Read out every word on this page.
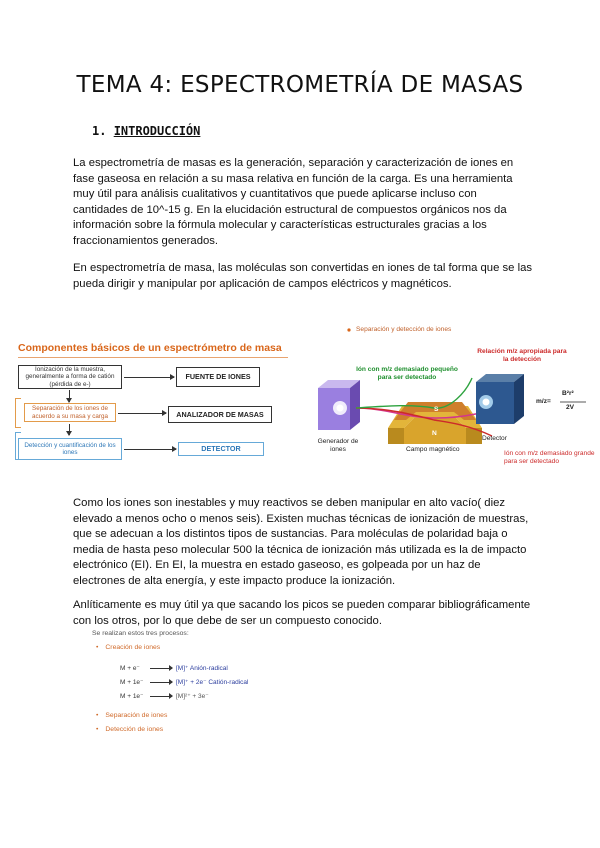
TEMA 4: ESPECTROMETRÍA DE MASAS
1. INTRODUCCIÓN
La espectrometría de masas es la generación, separación y caracterización de iones en fase gaseosa en relación a su masa relativa en función de la carga. Es una herramienta muy útil para análisis cualitativos y cuantitativos que puede aplicarse incluso con cantidades de 10^-15 g. En la elucidación estructural de compuestos orgánicos nos da información sobre la fórmula molecular y características estructurales gracias a los fraccionamientos generados.
En espectrometría de masa, las moléculas son convertidas en iones de tal forma que se las pueda dirigir y manipular por aplicación de campos eléctricos y magnéticos.
Componentes básicos de un espectrómetro de masa
Ionización de la muestra, generalmente a forma de catión (pérdida de e-)
FUENTE DE IONES
Separación de los iones de acuerdo a su masa y carga	ANALIZADOR DE MASAS
Detección y cuantificación de los iones	DETECTOR
Separación y detección de iones
Ión con m/z demasiado pequeño para ser detectado
Relación m/z apropiada para la detección
Generador de iones
Detector
Campo magnético
Ión con m/z demasiado grande para ser detectado
S
N
m/z=
B²r²
2V
Como los iones son inestables y muy reactivos se deben manipular en alto vacío( diez elevado a menos ocho o menos seis). Existen muchas técnicas de ionización de muestras, que se adecuan a los distintos tipos de sustancias. Para moléculas de polaridad baja o media de hasta peso molecular 500 la técnica de ionización más utilizada es la de impacto electrónico (EI). En EI, la muestra en estado gaseoso, es golpeada por un haz de electrones de alta energía, y este impacto produce la ionización.
Anlíticamente es muy útil ya que sacando los picos se pueden comparar bibliográficamente con los otros, por lo que debe de ser un compuesto conocido.
Se realizan estos tres procesos:
• Creación de iones
M + e⁻	[M]⁺ Anión-radical
M + 1e⁻	[M]⁺ + 2e⁻ Catión-radical
M + 1e⁻	[M]²⁺ + 3e⁻
• Separación de iones
• Detección de iones
